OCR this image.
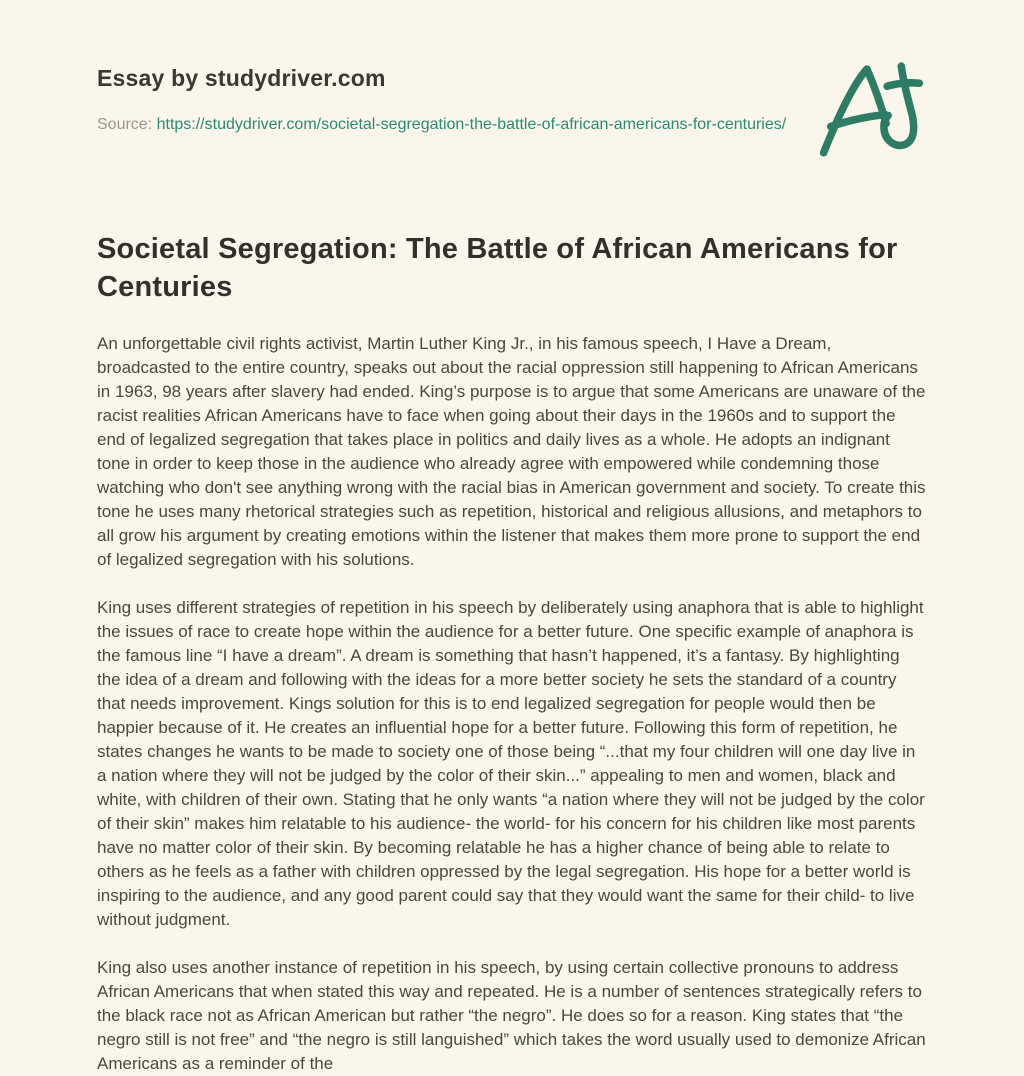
Essay by studydriver.com
Source: https://studydriver.com/societal-segregation-the-battle-of-african-americans-for-centuries/
Societal Segregation: The Battle of African Americans for Centuries

An unforgettable civil rights activist, Martin Luther King Jr., in his famous speech, I Have a Dream, broadcasted to the entire country, speaks out about the racial oppression still happening to African Americans in 1963, 98 years after slavery had ended. King’s purpose is to argue that some Americans are unaware of the racist realities African Americans have to face when going about their days in the 1960s and to support the end of legalized segregation that takes place in politics and daily lives as a whole. He adopts an indignant tone in order to keep those in the audience who already agree with empowered while condemning those watching who don't see anything wrong with the racial bias in American government and society. To create this tone he uses many rhetorical strategies such as repetition, historical and religious allusions, and metaphors to all grow his argument by creating emotions within the listener that makes them more prone to support the end of legalized segregation with his solutions.

King uses different strategies of repetition in his speech by deliberately using anaphora that is able to highlight the issues of race to create hope within the audience for a better future. One specific example of anaphora is the famous line “I have a dream”. A dream is something that hasn’t happened, it’s a fantasy. By highlighting the idea of a dream and following with the ideas for a more better society he sets the standard of a country that needs improvement. Kings solution for this is to end legalized segregation for people would then be happier because of it. He creates an influential hope for a better future. Following this form of repetition, he states changes he wants to be made to society one of those being “...that my four children will one day live in a nation where they will not be judged by the color of their skin...” appealing to men and women, black and white, with children of their own. Stating that he only wants “a nation where they will not be judged by the color of their skin” makes him relatable to his audience- the world- for his concern for his children like most parents have no matter color of their skin. By becoming relatable he has a higher chance of being able to relate to others as he feels as a father with children oppressed by the legal segregation. His hope for a better world is inspiring to the audience, and any good parent could say that they would want the same for their child- to live without judgment.

King also uses another instance of repetition in his speech, by using certain collective pronouns to address African Americans that when stated this way and repeated. He is a number of sentences strategically refers to the black race not as African American but rather “the negro”. He does so for a reason. King states that “the negro still is not free” and “the negro is still languished” which takes the word usually used to demonize African Americans as a reminder of the
